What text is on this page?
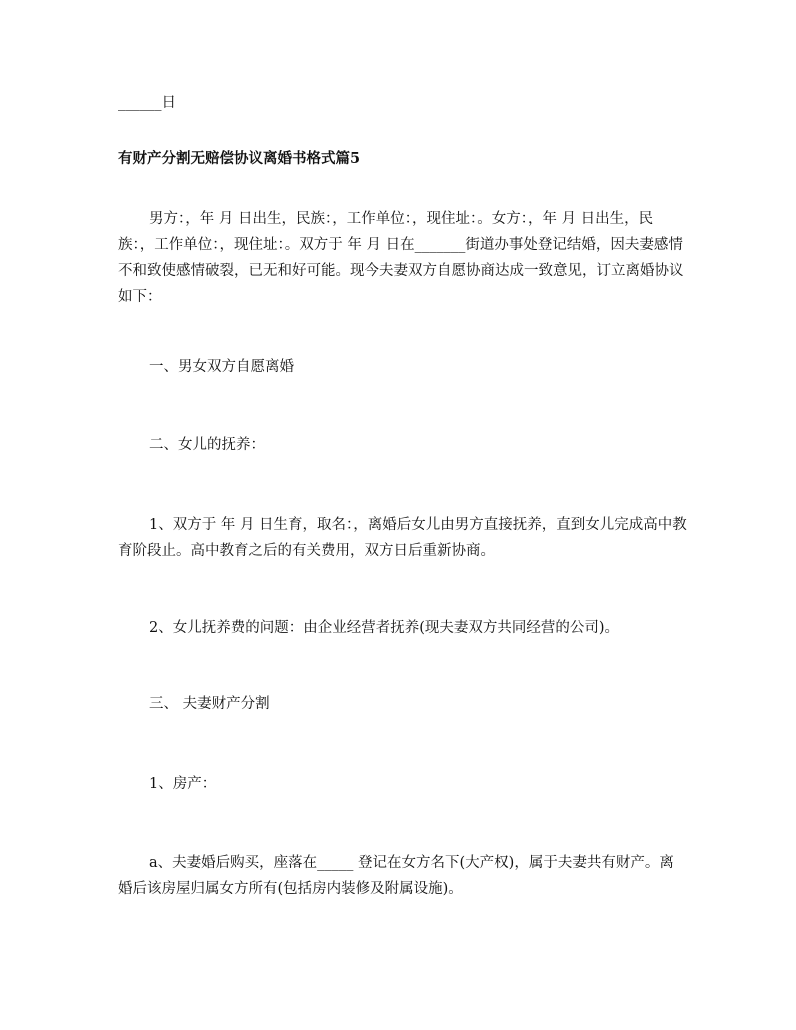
______日

有财产分割无赔偿协议离婚书格式篇5

男方：，年 月 日出生，民族：，工作单位：，现住址：。女方：，年 月 日出生，民族：，工作单位：，现住址：。双方于 年 月 日在_______街道办事处登记结婚，因夫妻感情不和致使感情破裂，已无和好可能。现今夫妻双方自愿协商达成一致意见，订立离婚协议如下：

一、男女双方自愿离婚

二、女儿的抚养：

1、双方于 年 月 日生育，取名：，离婚后女儿由男方直接抚养，直到女儿完成高中教育阶段止。高中教育之后的有关费用，双方日后重新协商。

2、女儿抚养费的问题：由企业经营者抚养(现夫妻双方共同经营的公司)。

三、 夫妻财产分割

1、房产：

a、夫妻婚后购买，座落在_____ 登记在女方名下(大产权)，属于夫妻共有财产。离婚后该房屋归属女方所有(包括房内装修及附属设施)。
